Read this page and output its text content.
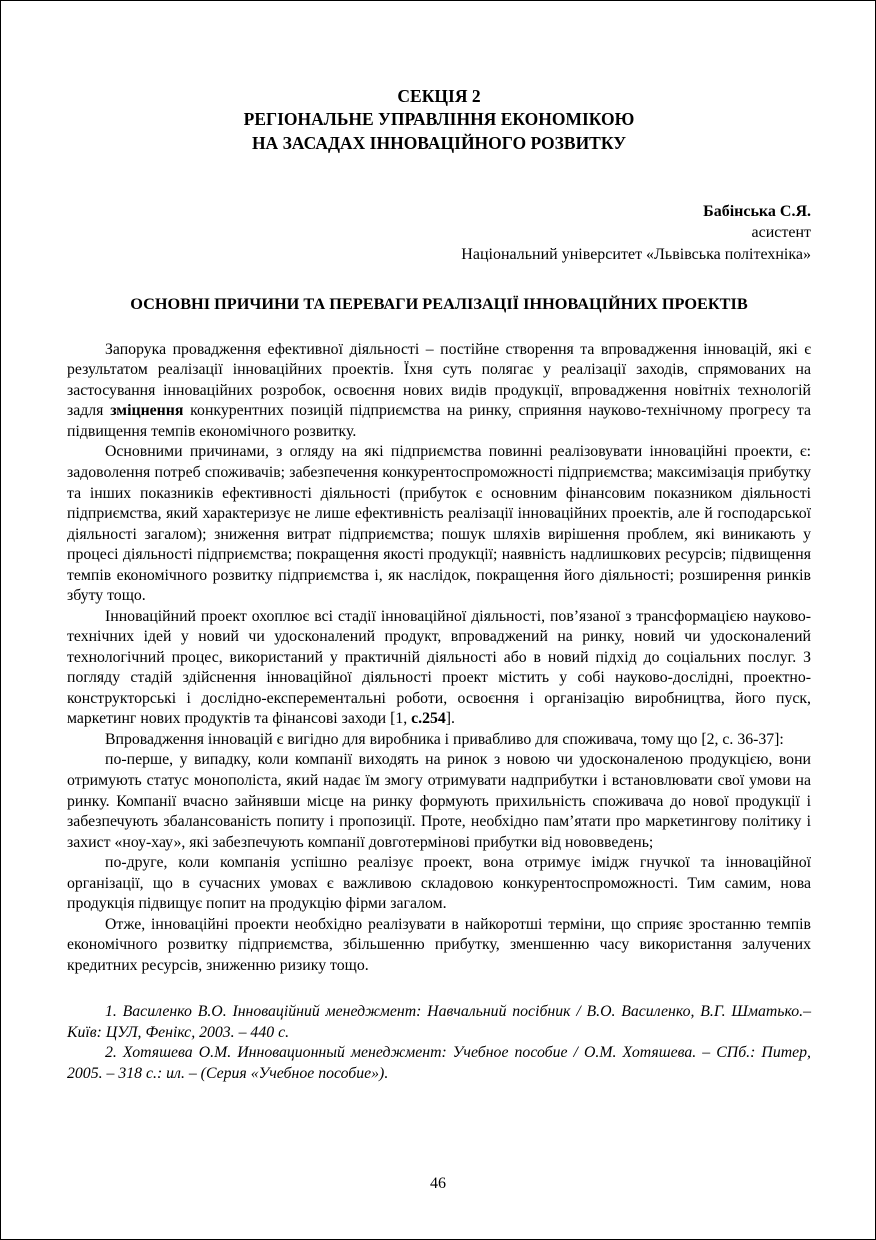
СЕКЦІЯ 2
РЕГІОНАЛЬНЕ УПРАВЛІННЯ ЕКОНОМІКОЮ
НА ЗАСАДАХ ІННОВАЦІЙНОГО РОЗВИТКУ
Бабінська С.Я.
асистент
Національний університет «Львівська політехніка»
ОСНОВНІ ПРИЧИНИ ТА ПЕРЕВАГИ РЕАЛІЗАЦІЇ ІННОВАЦІЙНИХ ПРОЕКТІВ

Запорука провадження ефективної діяльності – постійне створення та впровадження інновацій, які є результатом реалізації інноваційних проектів. Їхня суть полягає у реалізації заходів, спрямованих на застосування інноваційних розробок, освоєння нових видів продукції, впровадження новітніх технологій задля зміцнення конкурентних позицій підприємства на ринку, сприяння науково-технічному прогресу та підвищення темпів економічного розвитку.

Основними причинами, з огляду на які підприємства повинні реалізовувати інноваційні проекти, є: задоволення потреб споживачів; забезпечення конкурентоспроможності підприємства; максимізація прибутку та інших показників ефективності діяльності (прибуток є основним фінансовим показником діяльності підприємства, який характеризує не лише ефективність реалізації інноваційних проектів, але й господарської діяльності загалом); зниження витрат підприємства; пошук шляхів вирішення проблем, які виникають у процесі діяльності підприємства; покращення якості продукції; наявність надлишкових ресурсів; підвищення темпів економічного розвитку підприємства і, як наслідок, покращення його діяльності; розширення ринків збуту тощо.

Інноваційний проект охоплює всі стадії інноваційної діяльності, пов’язаної з трансформацією науково-технічних ідей у новий чи удосконалений продукт, впроваджений на ринку, новий чи удосконалений технологічний процес, використаний у практичній діяльності або в новий підхід до соціальних послуг. З погляду стадій здійснення інноваційної діяльності проект містить у собі науково-дослідні, проектно-конструкторські і дослідно-експерементальні роботи, освоєння і організацію виробництва, його пуск, маркетинг нових продуктів та фінансові заходи [1, с.254].

Впровадження інновацій є вигідно для виробника і привабливо для споживача, тому що [2, с. 36-37]:

по-перше, у випадку, коли компанії виходять на ринок з новою чи удосконаленою продукцією, вони отримують статус монополіста, який надає їм змогу отримувати надприбутки і встановлювати свої умови на ринку. Компанії вчасно зайнявши місце на ринку формують прихильність споживача до нової продукції і забезпечують збалансованість попиту і пропозиції. Проте, необхідно пам’ятати про маркетингову політику і захист «ноу-хау», які забезпечують компанії довготермінові прибутки від нововведень;

по-друге, коли компанія успішно реалізує проект, вона отримує імідж гнучкої та інноваційної організації, що в сучасних умовах є важливою складовою конкурентоспроможності. Тим самим, нова продукція підвищує попит на продукцію фірми загалом.

Отже, інноваційні проекти необхідно реалізувати в найкоротші терміни, що сприяє зростанню темпів економічного розвитку підприємства, збільшенню прибутку, зменшенню часу використання залучених кредитних ресурсів, зниженню ризику тощо.

1. Василенко В.О. Інноваційний менеджмент: Навчальний посібник / В.О. Василенко, В.Г. Шматько.– Київ: ЦУЛ, Фенікс, 2003. – 440 с.

2. Хотяшева О.М. Инновационный менеджмент: Учебное пособие / О.М. Хотяшева. – СПб.: Питер, 2005. – 318 с.: ил. – (Серия «Учебное пособие»).

46
